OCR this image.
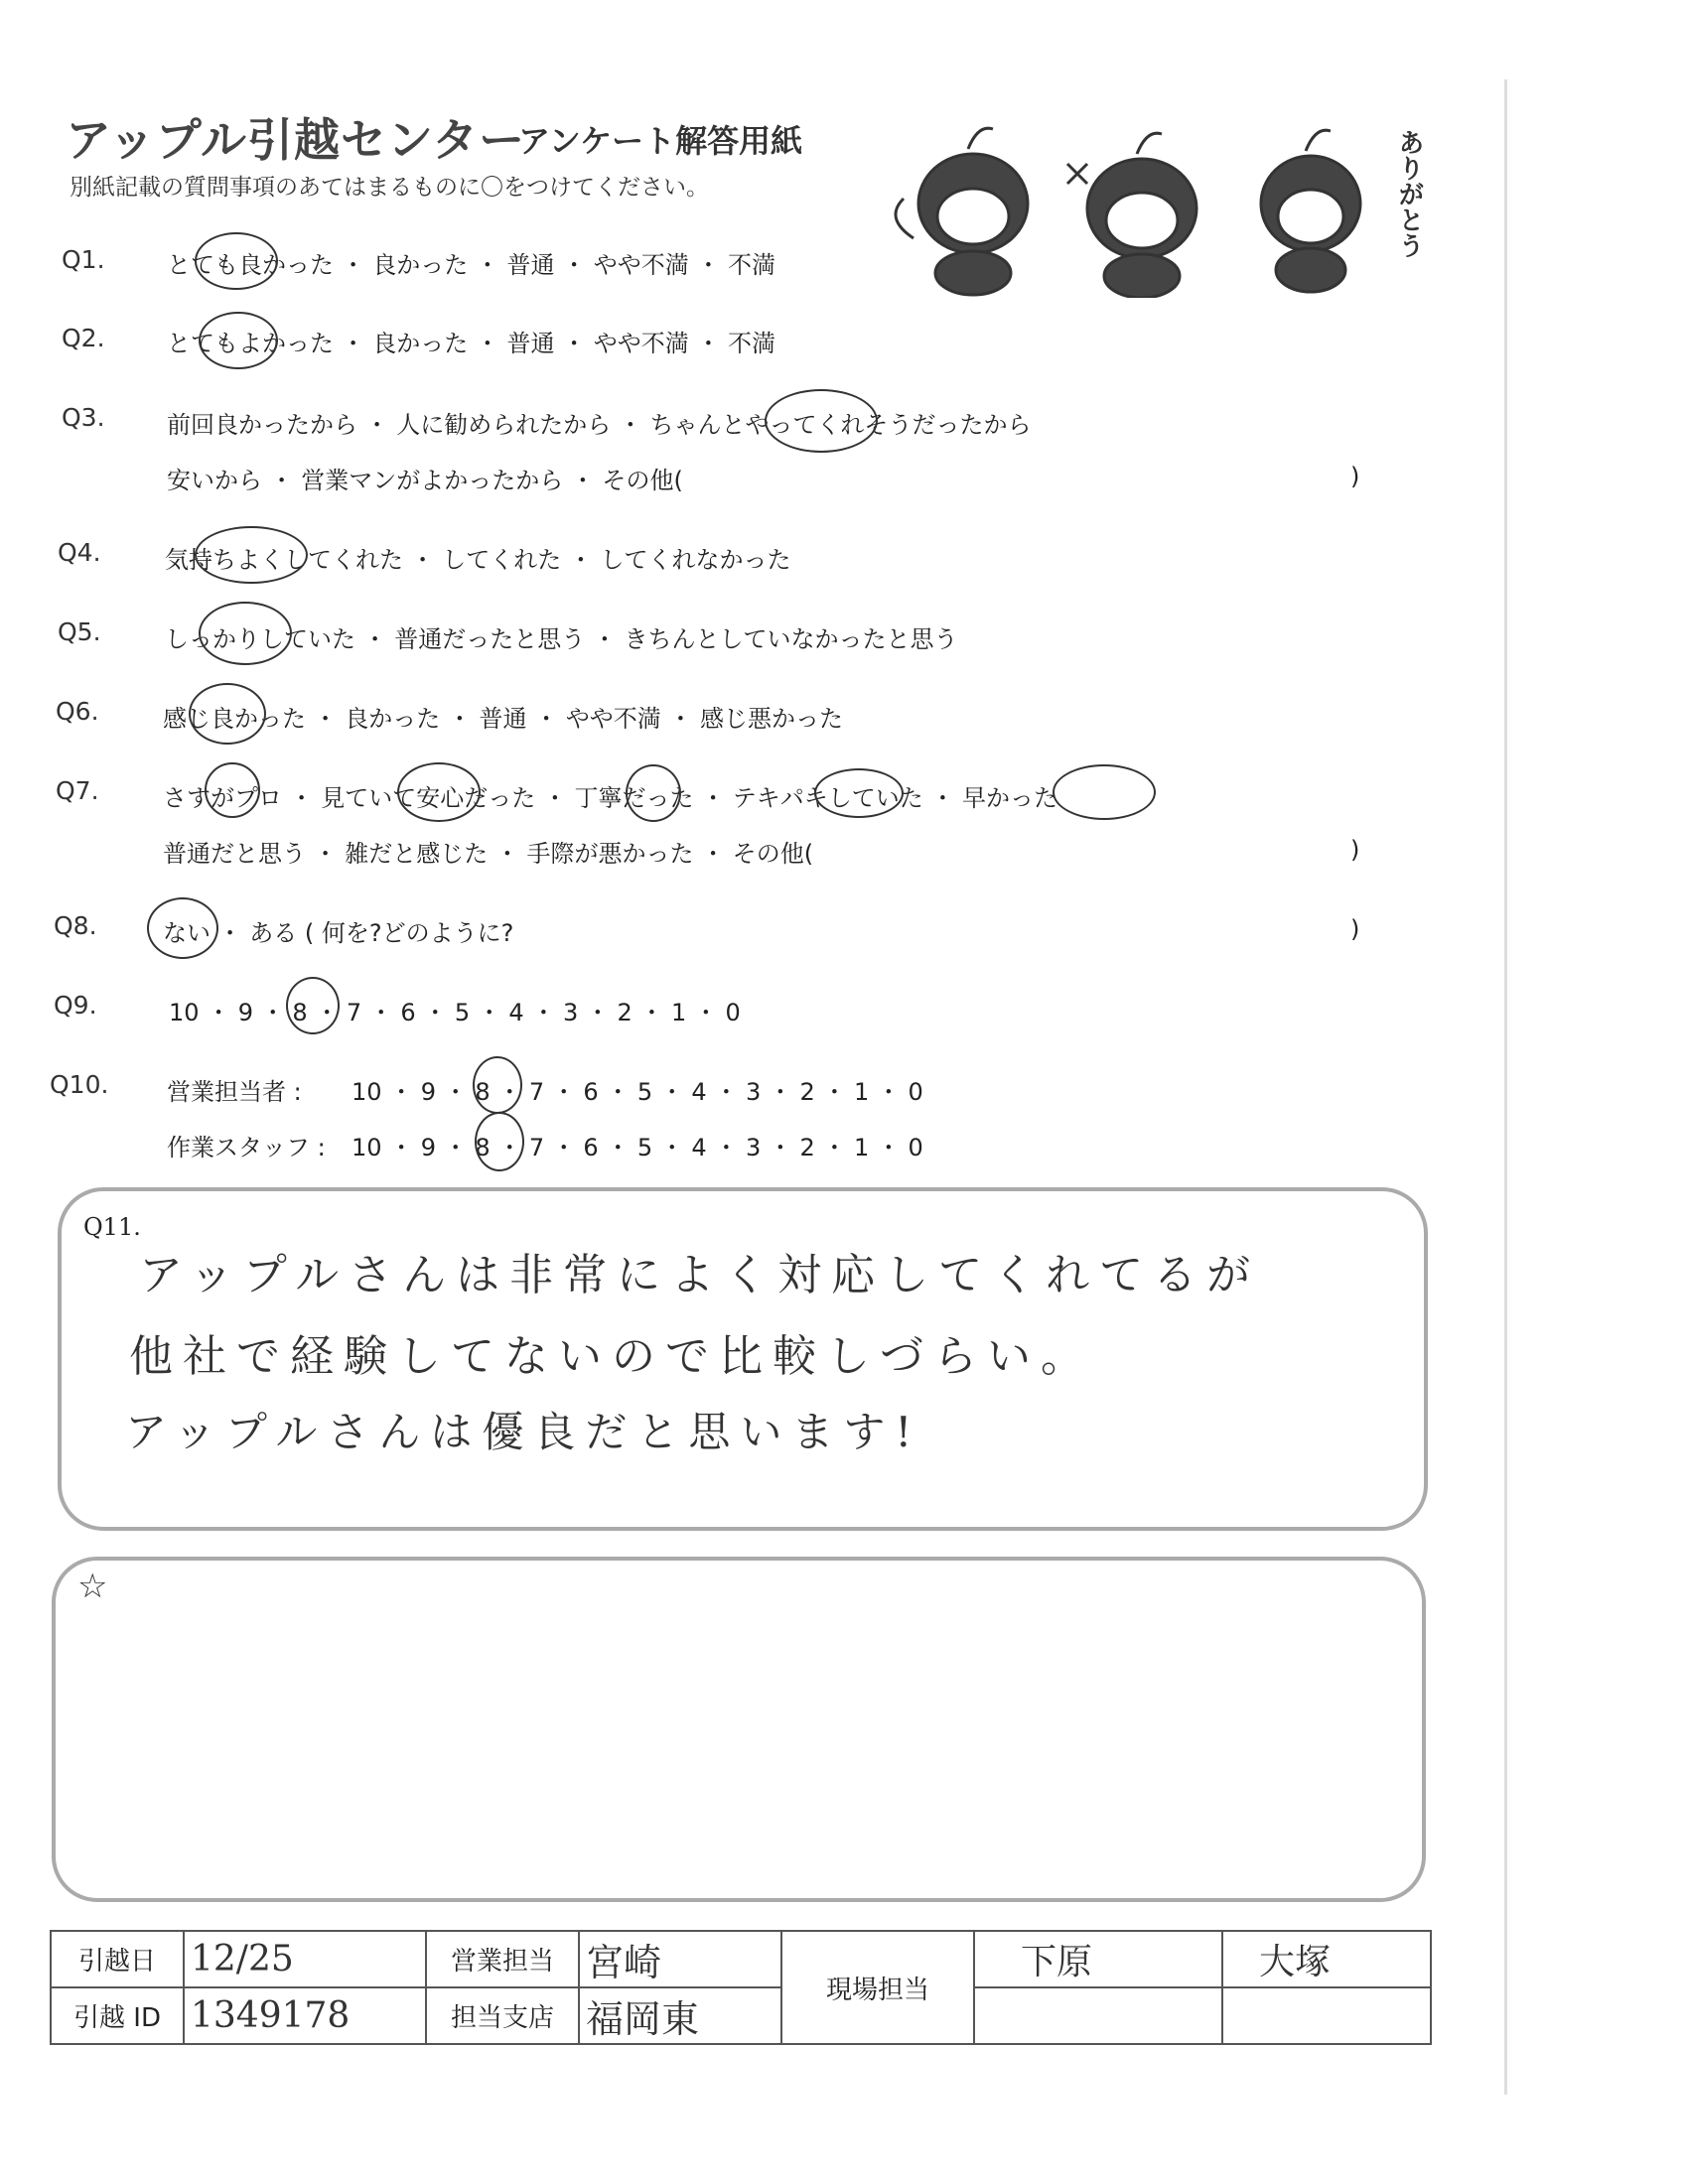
アップル引越センター
アンケート解答用紙
別紙記載の質問事項のあてはまるものに〇をつけてください。	ありがとう
Q1.	とても良かった ・ 良かった ・ 普通 ・ やや不満 ・ 不満
Q2.	とてもよかった ・ 良かった ・ 普通 ・ やや不満 ・ 不満
Q3.	前回良かったから ・ 人に勧められたから ・ ちゃんとやってくれそうだったから
安いから ・ 営業マンがよかったから ・ その他(	)
Q4.	気持ちよくしてくれた ・ してくれた ・ してくれなかった
Q5.	しっかりしていた ・ 普通だったと思う ・ きちんとしていなかったと思う
Q6.	感じ良かった ・ 良かった ・ 普通 ・ やや不満 ・ 感じ悪かった
Q7.	さすがプロ ・ 見ていて安心だった ・ 丁寧だった ・ テキパキしていた ・ 早かった
普通だと思う ・ 雑だと感じた ・ 手際が悪かった ・ その他(	)
Q8.	ない ・ ある ( 何を?どのように?	)
Q9.	10 ・ 9 ・ 8 ・ 7 ・ 6 ・ 5 ・ 4 ・ 3 ・ 2 ・ 1 ・ 0
Q10. 営業担当者 : 10 ・ 9 ・ 8 ・ 7 ・ 6 ・ 5 ・ 4 ・ 3 ・ 2 ・ 1 ・ 0
作業スタッフ : 10 ・ 9 ・ 8 ・ 7 ・ 6 ・ 5 ・ 4 ・ 3 ・ 2 ・ 1 ・ 0
Q11.
アップルさんは非常によく対応してくれてるが
他社で経験してないので比較しづらい。
アップルさんは優良だと思います!
☆
引越日	12/25	営業担当	宮崎	現場担当	下原	大塚
引越 ID	1349178	担当支店	福岡東			
